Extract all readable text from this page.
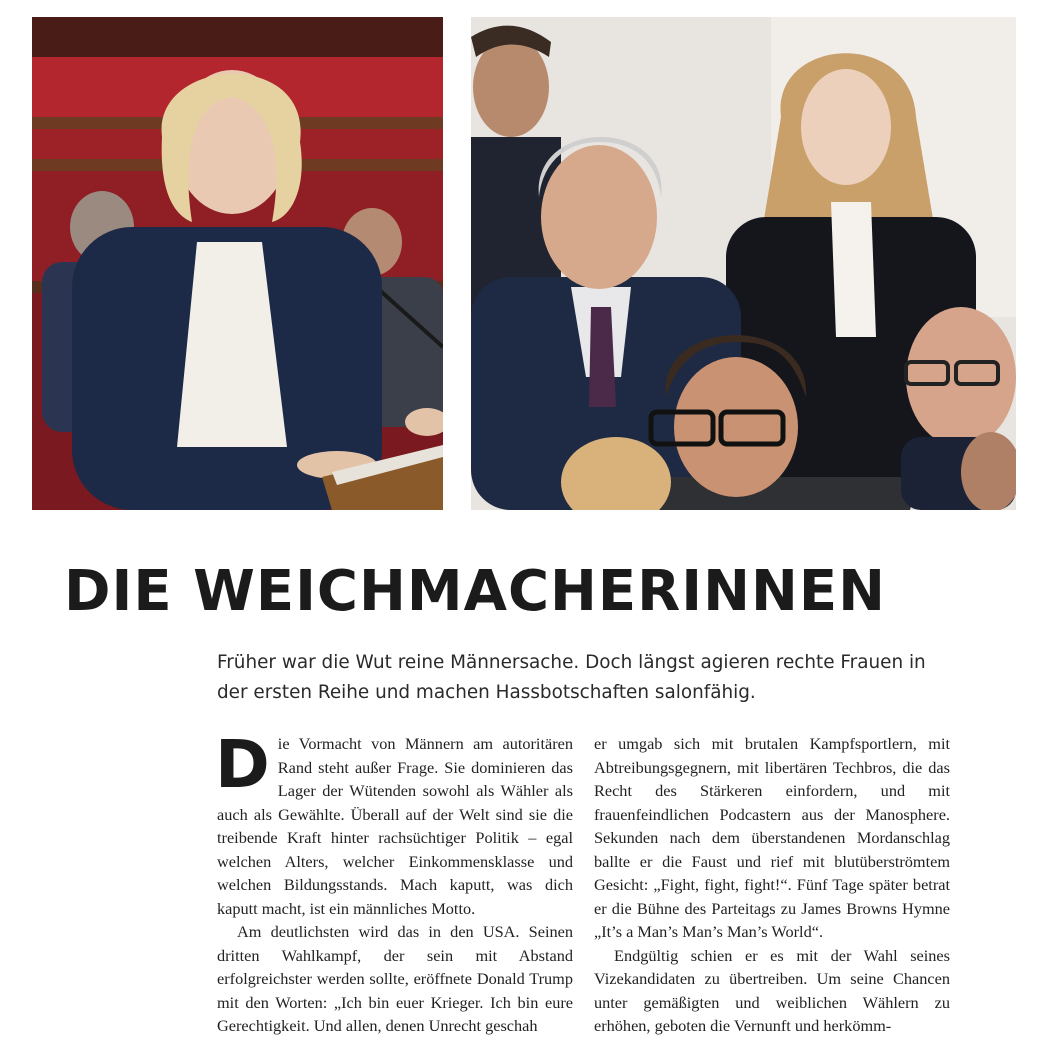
DIE WEICHMACHERINNEN

Früher war die Wut reine Männersache. Doch längst agieren rechte Frauen in der ersten Reihe und machen Hassbotschaften salonfähig.

Die Vormacht von Männern am autoritären Rand steht außer Frage. Sie dominieren das Lager der Wütenden sowohl als Wähler als auch als Gewählte. Überall auf der Welt sind sie die treibende Kraft hinter rachsüchtiger Politik – egal welchen Alters, welcher Einkommensklasse und welchen Bildungsstands. Mach kaputt, was dich kaputt macht, ist ein männliches Motto.

Am deutlichsten wird das in den USA. Seinen dritten Wahlkampf, der sein mit Abstand erfolgreichster werden sollte, eröffnete Donald Trump mit den Worten: „Ich bin euer Krieger. Ich bin eure Gerechtigkeit. Und allen, denen Unrecht geschah

er umgab sich mit brutalen Kampfsportlern, mit Abtreibungsgegnern, mit libertären Techbros, die das Recht des Stärkeren einfordern, und mit frauenfeindlichen Podcastern aus der Manosphere. Sekunden nach dem überstandenen Mordanschlag ballte er die Faust und rief mit blutüberströmtem Gesicht: „Fight, fight, fight!“. Fünf Tage später betrat er die Bühne des Parteitags zu James Browns Hymne „It’s a Man’s Man’s Man’s World“.

Endgültig schien er es mit der Wahl seines Vizekandidaten zu übertreiben. Um seine Chancen unter gemäßigten und weiblichen Wählern zu erhöhen, geboten die Vernunft und herkömm-
